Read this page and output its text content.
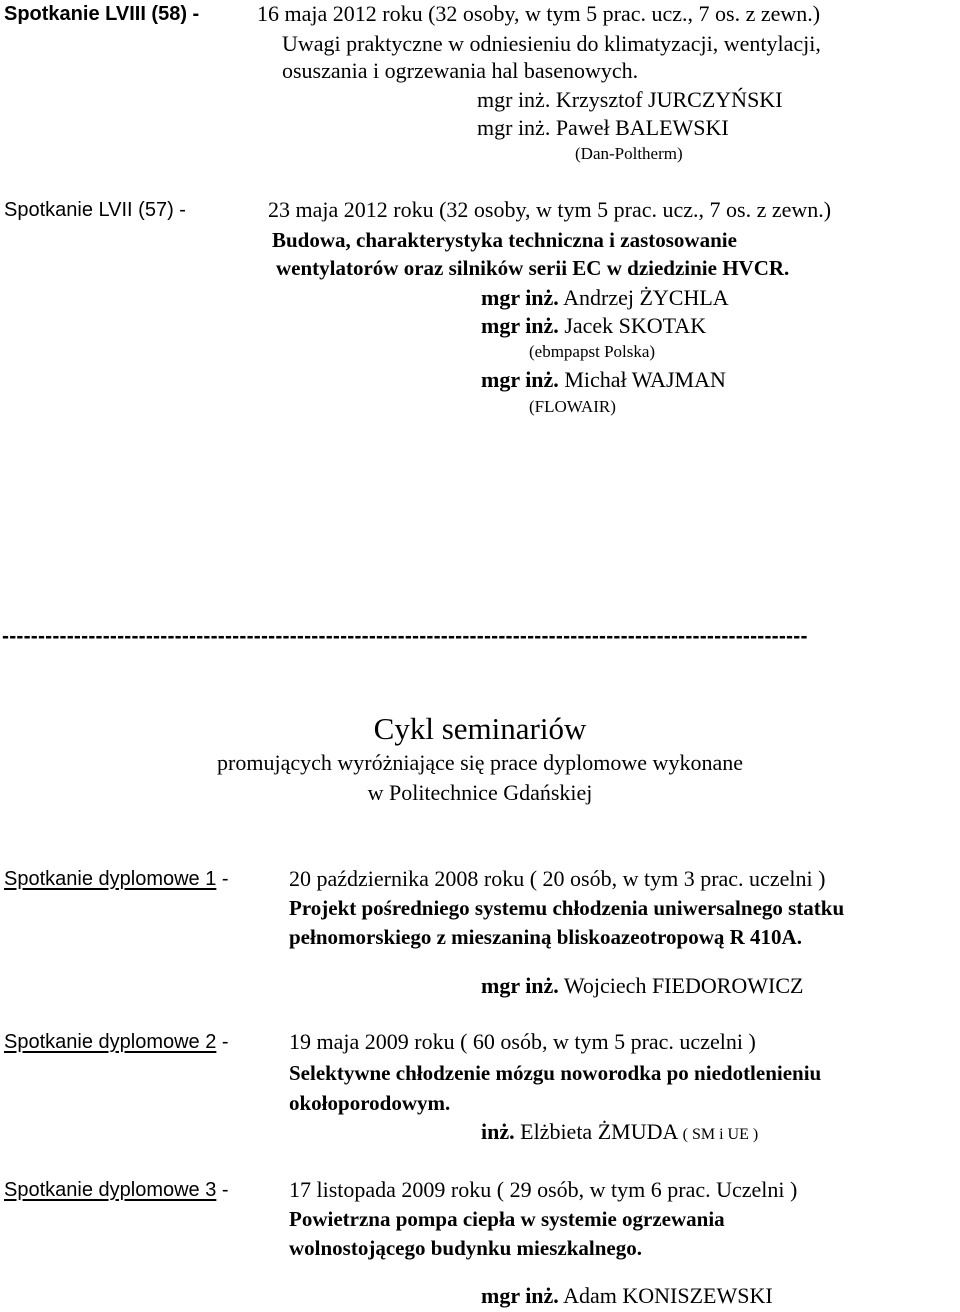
Spotkanie LVIII (58) -	16 maja 2012 roku (32 osoby, w tym 5 prac. ucz., 7 os. z zewn.)
Uwagi praktyczne w odniesieniu do klimatyzacji, wentylacji,
osuszania i ogrzewania hal basenowych.
mgr inż. Krzysztof JURCZYŃSKI
mgr inż. Paweł BALEWSKI
(Dan-Poltherm)
Spotkanie LVII (57) -	23 maja 2012 roku (32 osoby, w tym 5 prac. ucz., 7 os. z zewn.)
Budowa, charakterystyka techniczna i zastosowanie
wentylatorów oraz silników serii EC w dziedzinie HVCR.
mgr inż. Andrzej ŻYCHLA
mgr inż. Jacek SKOTAK
(ebmpapst Polska)
mgr inż. Michał WAJMAN
(FLOWAIR)
----------------------------------------------------------------------------------------------------------------
Cykl seminariów
promujących wyróżniające się prace dyplomowe wykonane
w Politechnice Gdańskiej
Spotkanie dyplomowe 1 -	20 października 2008 roku ( 20 osób, w tym 3 prac. uczelni )
Projekt pośredniego systemu chłodzenia uniwersalnego statku
pełnomorskiego z mieszaniną bliskoazeotropową R 410A.
mgr inż. Wojciech FIEDOROWICZ
Spotkanie dyplomowe 2 -	19 maja 2009 roku ( 60 osób, w tym 5 prac. uczelni )
Selektywne chłodzenie mózgu noworodka po niedotlenieniu
okołoporodowym.
inż. Elżbieta ŻMUDA ( SM i UE )
Spotkanie dyplomowe 3 -	17 listopada 2009 roku ( 29 osób, w tym 6 prac. Uczelni )
Powietrzna pompa ciepła w systemie ogrzewania
wolnostojącego budynku mieszkalnego.
mgr inż. Adam KONISZEWSKI
